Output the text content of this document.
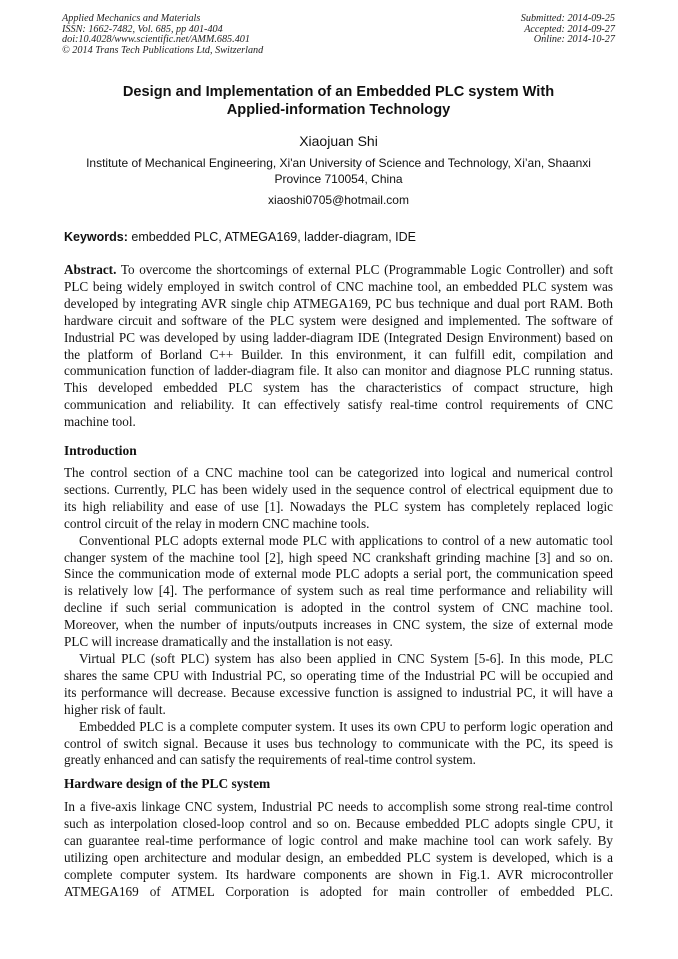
Applied Mechanics and Materials
ISSN: 1662-7482, Vol. 685, pp 401-404
doi:10.4028/www.scientific.net/AMM.685.401
© 2014 Trans Tech Publications Ltd, Switzerland
Submitted: 2014-09-25
Accepted: 2014-09-27
Online: 2014-10-27
Design and Implementation of an Embedded PLC system With
Applied-information Technology
Xiaojuan Shi
Institute of Mechanical Engineering, Xi'an University of Science and Technology, Xi’an, Shaanxi
Province 710054, China
xiaoshi0705@hotmail.com
Keywords: embedded PLC, ATMEGA169, ladder-diagram, IDE
Abstract. To overcome the shortcomings of external PLC (Programmable Logic Controller) and soft
PLC being widely employed in switch control of CNC machine tool, an embedded PLC system was
developed by integrating AVR single chip ATMEGA169, PC bus technique and dual port RAM. Both
hardware circuit and software of the PLC system were designed and implemented. The software of
Industrial PC was developed by using ladder-diagram IDE (Integrated Design Environment) based on
the platform of Borland C++ Builder. In this environment, it can fulfill edit, compilation and
communication function of ladder-diagram file. It also can monitor and diagnose PLC running status.
This developed embedded PLC system has the characteristics of compact structure, high
communication and reliability. It can effectively satisfy real-time control requirements of CNC
machine tool.
Introduction
The control section of a CNC machine tool can be categorized into logical and numerical control
sections. Currently, PLC has been widely used in the sequence control of electrical equipment due to
its high reliability and ease of use [1]. Nowadays the PLC system has completely replaced logic
control circuit of the relay in modern CNC machine tools.
Conventional PLC adopts external mode PLC with applications to control of a new automatic tool
changer system of the machine tool [2], high speed NC crankshaft grinding machine [3] and so on.
Since the communication mode of external mode PLC adopts a serial port, the communication speed
is relatively low [4]. The performance of system such as real time performance and reliability will
decline if such serial communication is adopted in the control system of CNC machine tool.
Moreover, when the number of inputs/outputs increases in CNC system, the size of external mode
PLC will increase dramatically and the installation is not easy.
Virtual PLC (soft PLC) system has also been applied in CNC System [5-6]. In this mode, PLC
shares the same CPU with Industrial PC, so operating time of the Industrial PC will be occupied and
its performance will decrease. Because excessive function is assigned to industrial PC, it will have a
higher risk of fault.
Embedded PLC is a complete computer system. It uses its own CPU to perform logic operation and
control of switch signal. Because it uses bus technology to communicate with the PC, its speed is
greatly enhanced and can satisfy the requirements of real-time control system.
Hardware design of the PLC system
In a five-axis linkage CNC system, Industrial PC needs to accomplish some strong real-time control
such as interpolation closed-loop control and so on. Because embedded PLC adopts single CPU, it
can guarantee real-time performance of logic control and make machine tool can work safely. By
utilizing open architecture and modular design, an embedded PLC system is developed, which is a
complete computer system. Its hardware components are shown in Fig.1. AVR microcontroller
ATMEGA169 of ATMEL Corporation is adopted for main controller of embedded PLC.
